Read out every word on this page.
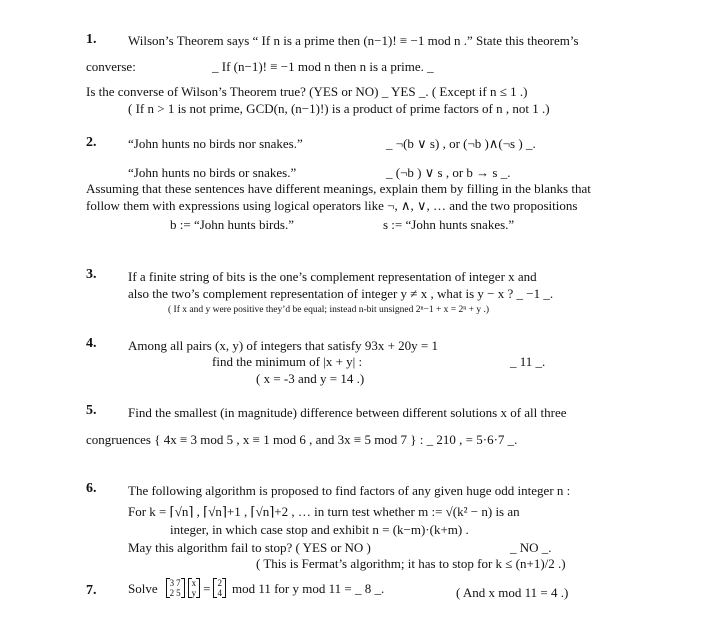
1. Wilson’s Theorem says “ If n is a prime then (n−1)! ≡ −1 mod n .” State this theorem’s
converse:	_ If (n−1)! ≡ −1 mod n then n is a prime. _
Is the converse of Wilson’s Theorem true? (YES or NO) _ YES _. ( Except if n ≤ 1 .)
( If n > 1 is not prime, GCD(n, (n−1)!) is a product of prime factors of n , not 1 .)
2. “John hunts no birds nor snakes.”	_ ¬(b ∨ s) , or (¬b )∧(¬s ) _.
“John hunts no birds or snakes.”	_ (¬b ) ∨ s , or b → s _.
Assuming that these sentences have different meanings, explain them by filling in the blanks that
follow them with expressions using logical operators like ¬, ∧, ∨, … and the two propositions
b := “John hunts birds.”	s := “John hunts snakes.”
3. If a finite string of bits is the one’s complement representation of integer x and
also the two’s complement representation of integer y ≠ x , what is y − x ? _ −1 _.
( If x and y were positive they’d be equal; instead n-bit unsigned 2ⁿ−1 + x = 2ⁿ + y .)
4. Among all pairs (x, y) of integers that satisfy 93x + 20y = 1
find the minimum of |x + y| :	_ 11 _.
( x = -3 and y = 14 .)
5. Find the smallest (in magnitude) difference between different solutions x of all three
congruences { 4x ≡ 3 mod 5 , x ≡ 1 mod 6 , and 3x ≡ 5 mod 7 } : _ 210 , = 5·6·7 _.
6. The following algorithm is proposed to find factors of any given huge odd integer n :
For k = ⌈√n⌉ , ⌈√n⌉+1 , ⌈√n⌉+2 , … in turn test whether m := √(k² − n) is an
integer, in which case stop and exhibit n = (k−m)·(k+m) .
May this algorithm fail to stop? ( YES or NO )	_ NO _.
( This is Fermat’s algorithm; it has to stop for k ≤ (n+1)/2 .)
7. Solve 3
2
7
5
x
y = 2
4 mod 11 for y mod 11 = _ 8 _.	( And x mod 11 = 4 .)
